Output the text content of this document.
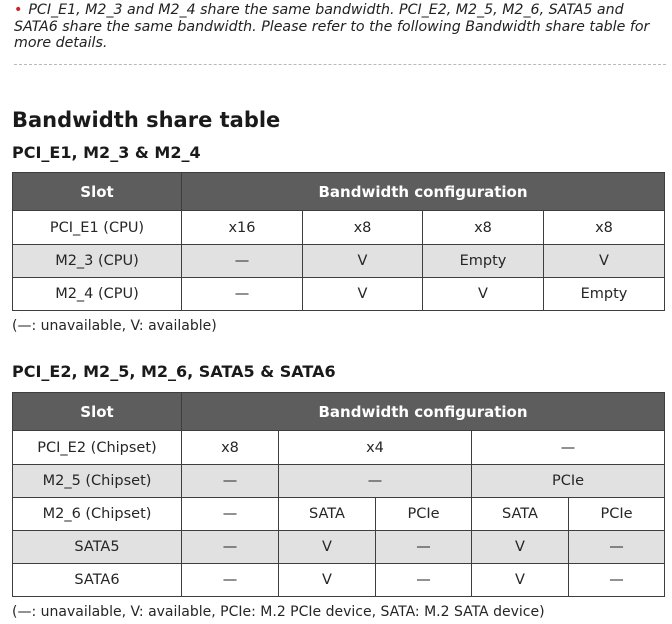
• PCI_E1, M2_3 and M2_4 share the same bandwidth. PCI_E2, M2_5, M2_6, SATA5 and SATA6 share the same bandwidth. Please refer to the following Bandwidth share table for more details.
Bandwidth share table
PCI_E1, M2_3 & M2_4
Slot	Bandwidth configuration			
PCI_E1 (CPU)	x16	x8	x8	x8
M2_3 (CPU)	—	V	Empty	V
M2_4 (CPU)	—	V	V	Empty
(—: unavailable, V: available)
PCI_E2, M2_5, M2_6, SATA5 & SATA6
Slot	Bandwidth configuration				
PCI_E2 (Chipset)	x8	x4		—	
M2_5 (Chipset)	—	—		PCIe	
M2_6 (Chipset)	—	SATA	PCIe	SATA	PCIe
SATA5	—	V	—	V	—
SATA6	—	V	—	V	—
(—: unavailable, V: available, PCIe: M.2 PCIe device, SATA: M.2 SATA device)
